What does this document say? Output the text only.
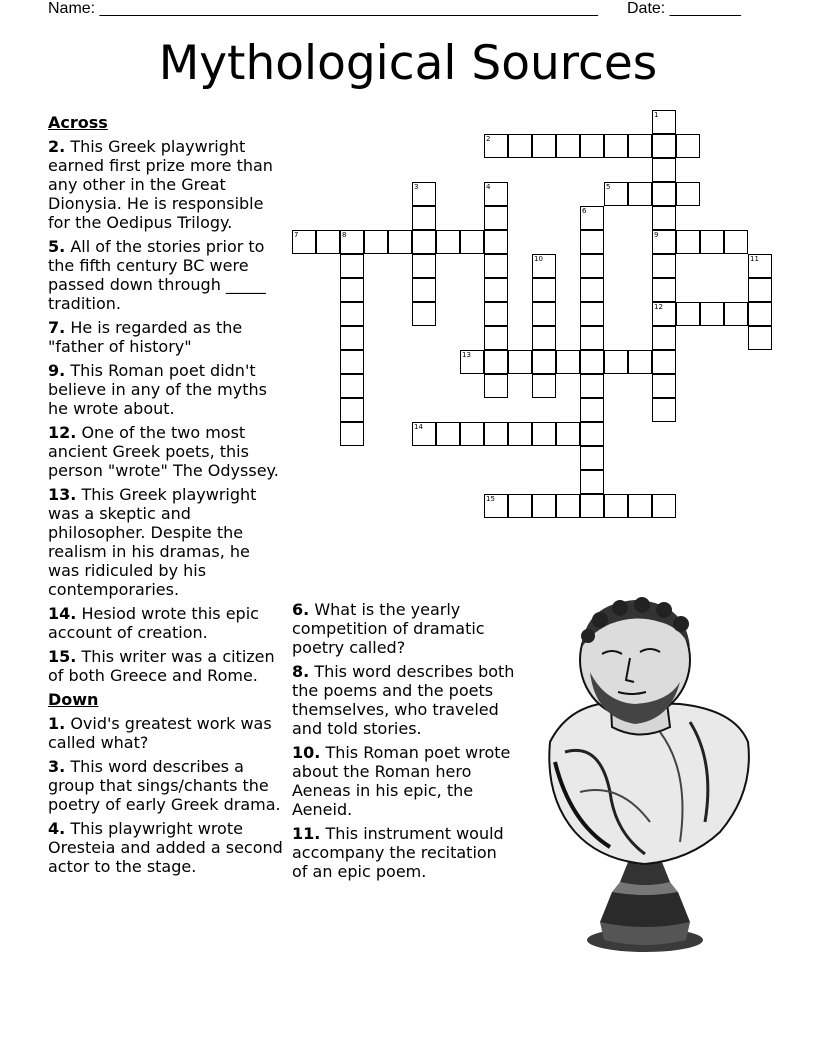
Name: ________________________________________________________ Date: ________
Mythological Sources
Across
2. This Greek playwright earned first prize more than any other in the Great Dionysia. He is responsible for the Oedipus Trilogy.
5. All of the stories prior to the fifth century BC were passed down through _____ tradition.
7. He is regarded as the "father of history"
9. This Roman poet didn't believe in any of the myths he wrote about.
12. One of the two most ancient Greek poets, this person "wrote" The Odyssey.
13. This Greek playwright was a skeptic and philosopher. Despite the realism in his dramas, he was ridiculed by his contemporaries.
14. Hesiod wrote this epic account of creation.
15. This writer was a citizen of both Greece and Rome.
Down
1. Ovid's greatest work was called what?
3. This word describes a group that sings/chants the poetry of early Greek drama.
4. This playwright wrote Oresteia and added a second actor to the stage.
6. What is the yearly competition of dramatic poetry called?
8. This word describes both the poems and the poets themselves, who traveled and told stories.
10. This Roman poet wrote about the Roman hero Aeneas in his epic, the Aeneid.
11. This instrument would accompany the recitation of an epic poem.
1
9
12
2
3	4	5
6
7	8
10	11
13
14
15
